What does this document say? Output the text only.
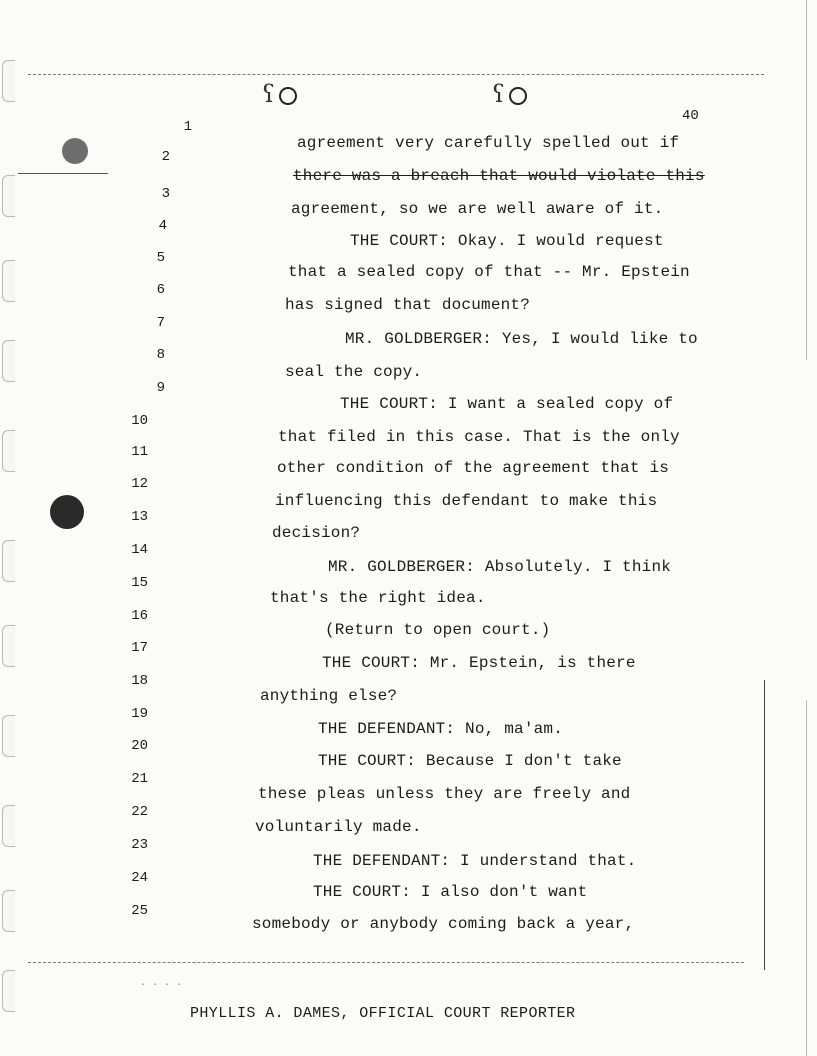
ʕ	ʕ
40
1
agreement very carefully spelled out if
2
there was a breach that would violate this
3
agreement, so we are well aware of it.
4
THE COURT: Okay. I would request
5
that a sealed copy of that -- Mr. Epstein
6
has signed that document?
7
MR. GOLDBERGER: Yes, I would like to
8
seal the copy.
9
THE COURT: I want a sealed copy of
10
that filed in this case. That is the only
11
other condition of the agreement that is
12
influencing this defendant to make this
13
decision?
14
MR. GOLDBERGER: Absolutely. I think
15
that's the right idea.
16
(Return to open court.)
17
THE COURT: Mr. Epstein, is there
18
anything else?
19
THE DEFENDANT: No, ma'am.
20
THE COURT: Because I don't take
21
these pleas unless they are freely and
22
voluntarily made.
23
THE DEFENDANT: I understand that.
24
THE COURT: I also don't want
25
somebody or anybody coming back a year,
· · · ·
PHYLLIS A. DAMES, OFFICIAL COURT REPORTER
